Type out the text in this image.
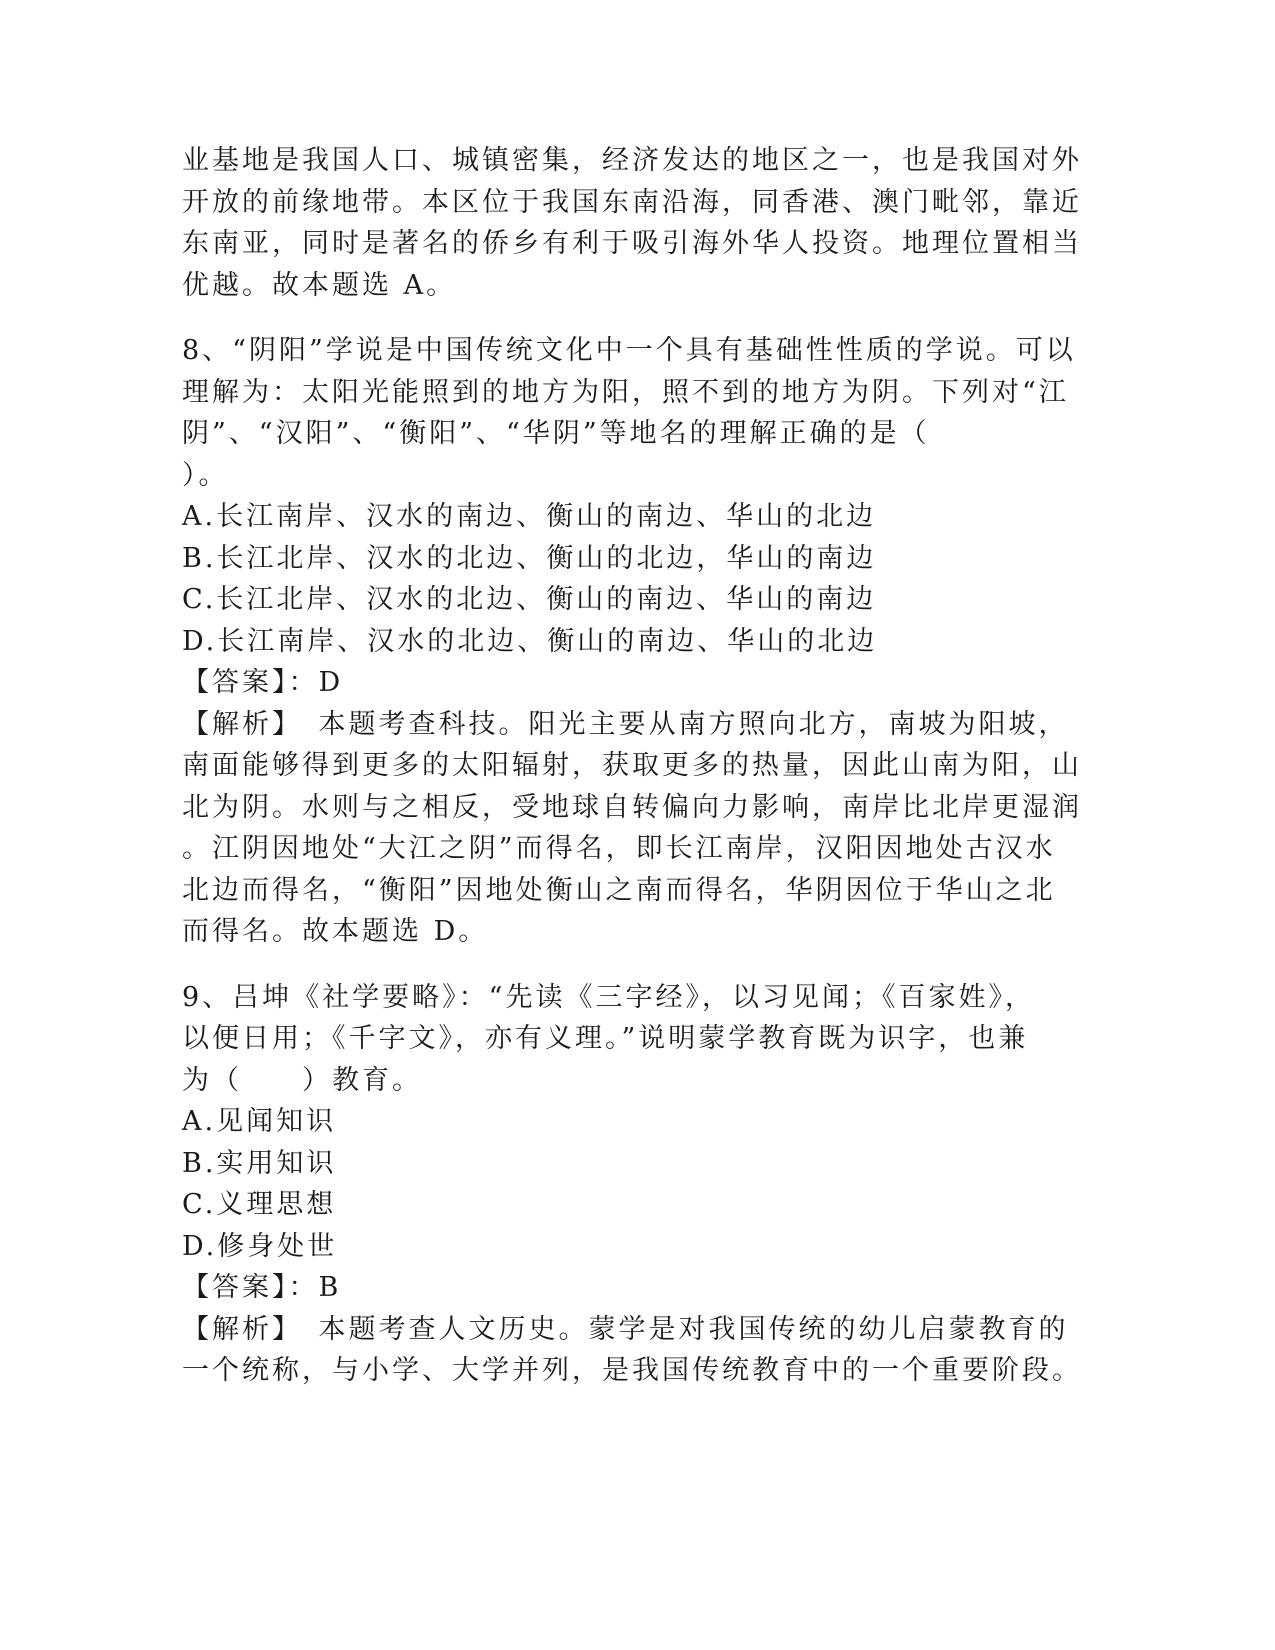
业基地是我国人口、城镇密集，经济发达的地区之一，也是我国对外
开放的前缘地带。本区位于我国东南沿海，同香港、澳门毗邻，靠近
东南亚，同时是著名的侨乡有利于吸引海外华人投资。地理位置相当
优越。故本题选 A。
8、“阴阳”学说是中国传统文化中一个具有基础性性质的学说。可以
理解为：太阳光能照到的地方为阳，照不到的地方为阴。下列对“江
阴”、“汉阳”、“衡阳”、“华阴”等地名的理解正确的是（
）。
A.长江南岸、汉水的南边、衡山的南边、华山的北边
B.长江北岸、汉水的北边、衡山的北边，华山的南边
C.长江北岸、汉水的北边、衡山的南边、华山的南边
D.长江南岸、汉水的北边、衡山的南边、华山的北边
【答案】：D
【解析】　本题考查科技。阳光主要从南方照向北方，南坡为阳坡，
南面能够得到更多的太阳辐射，获取更多的热量，因此山南为阳，山
北为阴。水则与之相反，受地球自转偏向力影响，南岸比北岸更湿润
。江阴因地处“大江之阴”而得名，即长江南岸，汉阳因地处古汉水
北边而得名，“衡阳”因地处衡山之南而得名，华阴因位于华山之北
而得名。故本题选 D。
9、吕坤《社学要略》：“先读《三字经》，以习见闻；《百家姓》，
以便日用；《千字文》，亦有义理。”说明蒙学教育既为识字，也兼
为（　　）教育。
A.见闻知识
B.实用知识
C.义理思想
D.修身处世
【答案】：B
【解析】　本题考查人文历史。蒙学是对我国传统的幼儿启蒙教育的
一个统称，与小学、大学并列，是我国传统教育中的一个重要阶段。
